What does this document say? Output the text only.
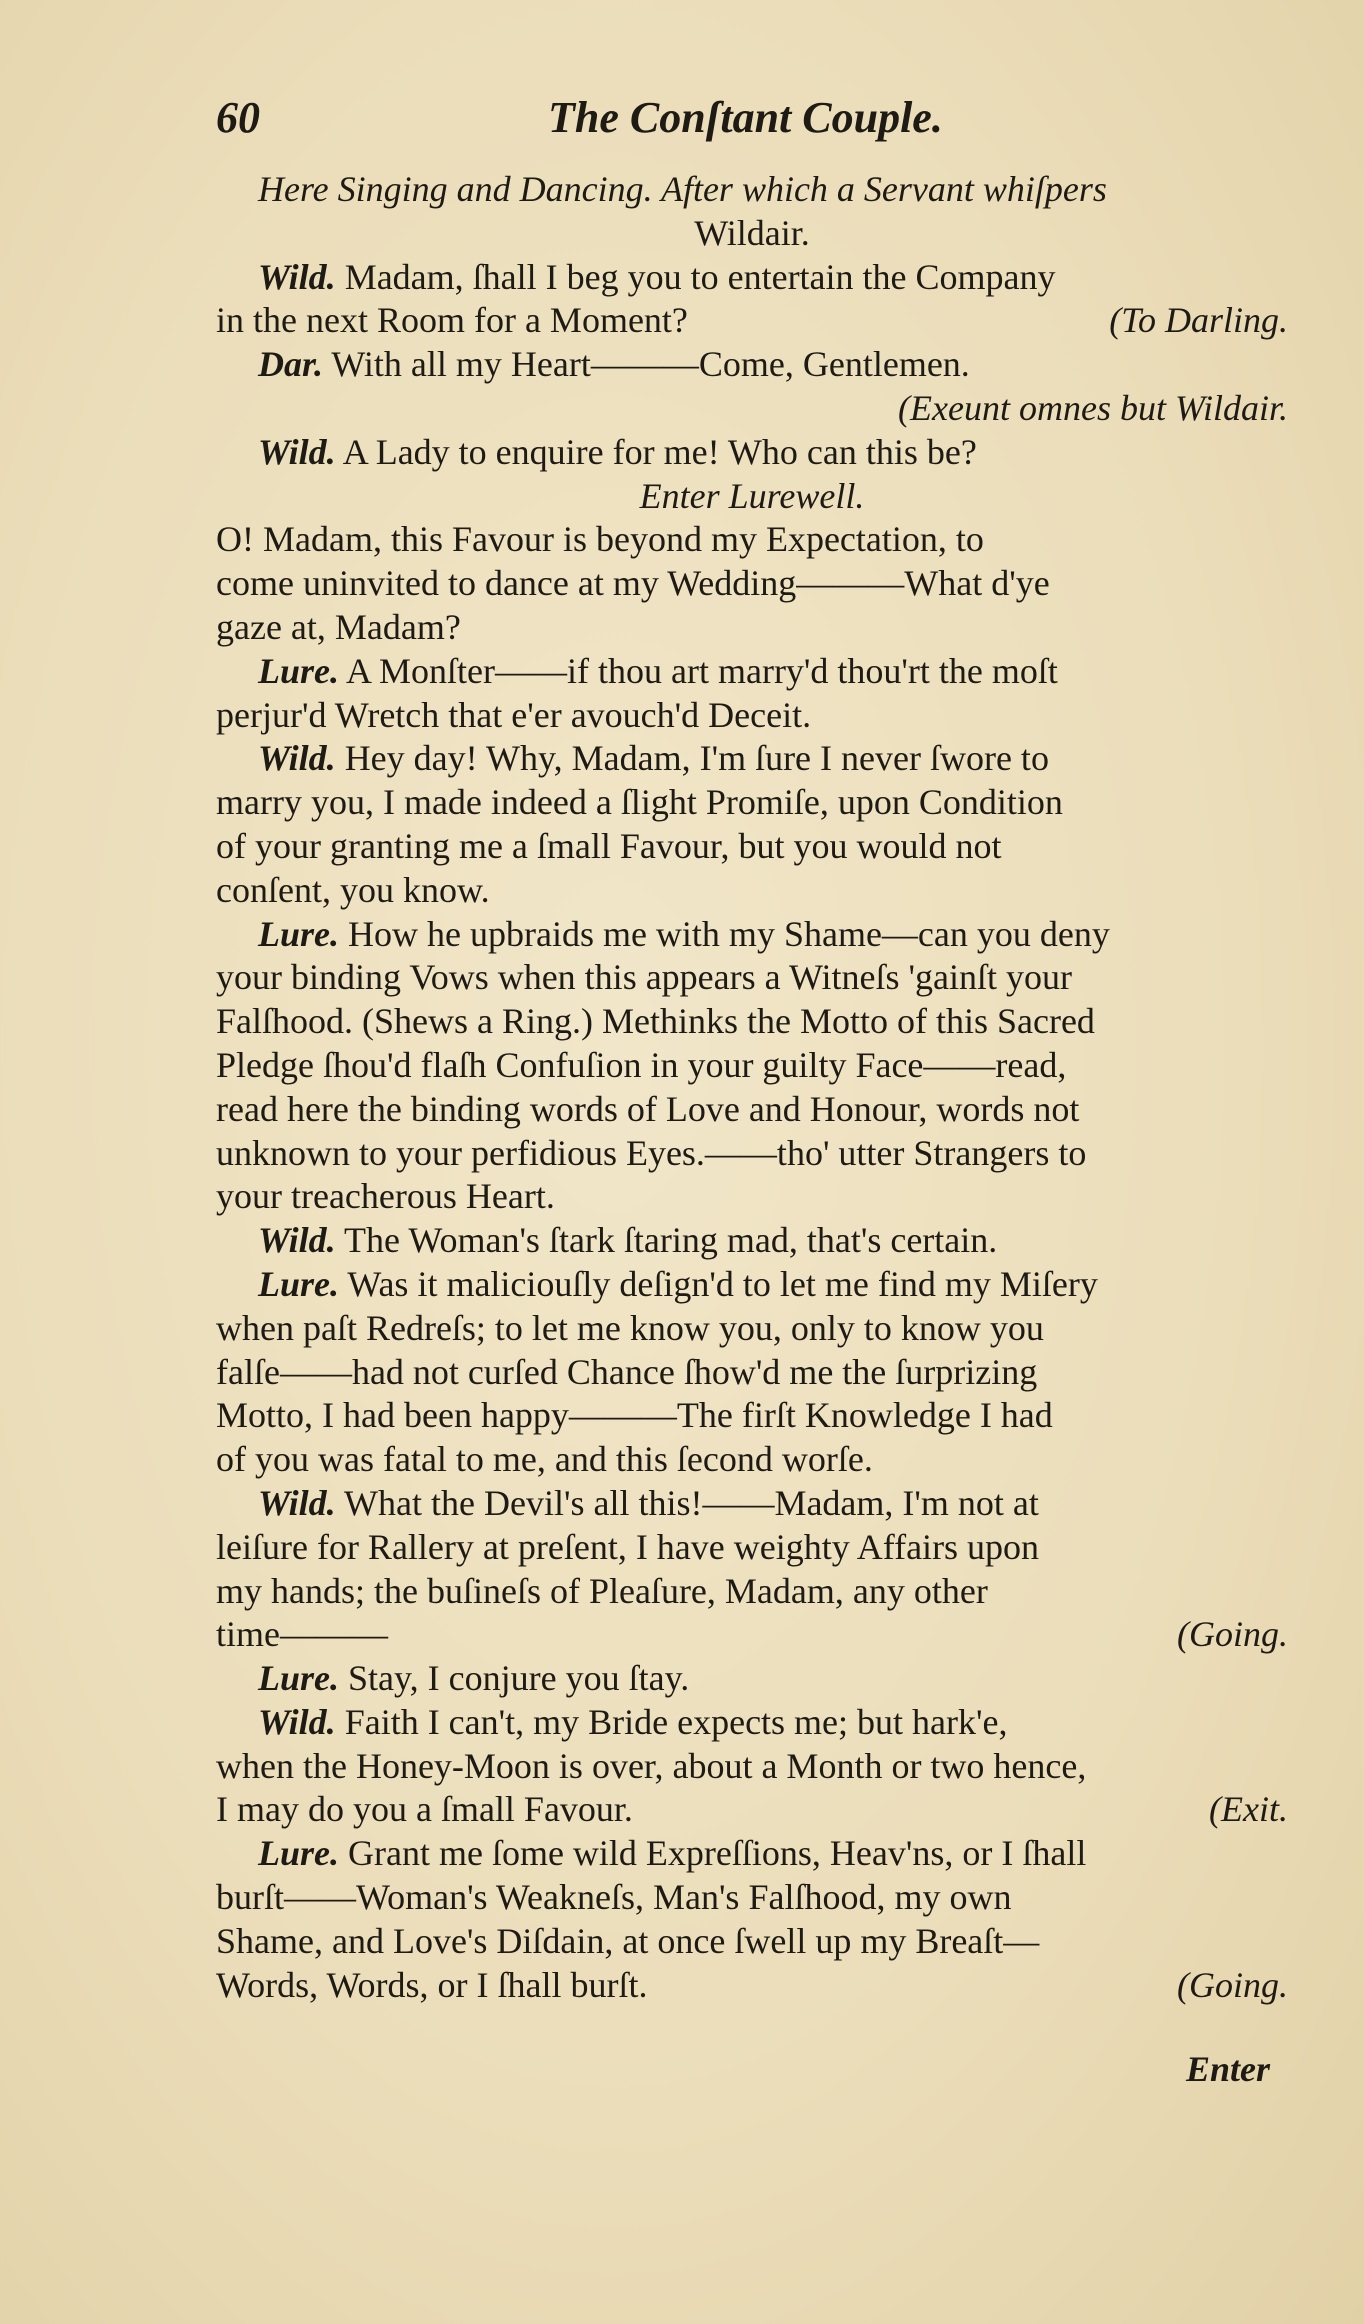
60	The Conſtant Couple.
Here Singing and Dancing. After which a Servant whiſpers
Wildair.
Wild. Madam, ſhall I beg you to entertain the Company
in the next Room for a Moment?	(To Darling.
Dar. With all my Heart———Come, Gentlemen.
(Exeunt omnes but Wildair.
Wild. A Lady to enquire for me! Who can this be?
Enter Lurewell.
O! Madam, this Favour is beyond my Expectation, to
come uninvited to dance at my Wedding———What d'ye
gaze at, Madam?
Lure. A Monſter——if thou art marry'd thou'rt the moſt
perjur'd Wretch that e'er avouch'd Deceit.
Wild. Hey day! Why, Madam, I'm ſure I never ſwore to
marry you, I made indeed a ſlight Promiſe, upon Condition
of your granting me a ſmall Favour, but you would not
conſent, you know.
Lure. How he upbraids me with my Shame—can you deny
your binding Vows when this appears a Witneſs 'gainſt your
Falſhood. (Shews a Ring.) Methinks the Motto of this Sacred
Pledge ſhou'd flaſh Confuſion in your guilty Face——read,
read here the binding words of Love and Honour, words not
unknown to your perfidious Eyes.——tho' utter Strangers to
your treacherous Heart.
Wild. The Woman's ſtark ſtaring mad, that's certain.
Lure. Was it maliciouſly deſign'd to let me find my Miſery
when paſt Redreſs; to let me know you, only to know you
falſe——had not curſed Chance ſhow'd me the ſurprizing
Motto, I had been happy———The firſt Knowledge I had
of you was fatal to me, and this ſecond worſe.
Wild. What the Devil's all this!——Madam, I'm not at
leiſure for Rallery at preſent, I have weighty Affairs upon
my hands; the buſineſs of Pleaſure, Madam, any other
time———	(Going.
Lure. Stay, I conjure you ſtay.
Wild. Faith I can't, my Bride expects me; but hark'e,
when the Honey-Moon is over, about a Month or two hence,
I may do you a ſmall Favour.	(Exit.
Lure. Grant me ſome wild Expreſſions, Heav'ns, or I ſhall
burſt——Woman's Weakneſs, Man's Falſhood, my own
Shame, and Love's Diſdain, at once ſwell up my Breaſt—
Words, Words, or I ſhall burſt.	(Going.
Enter
